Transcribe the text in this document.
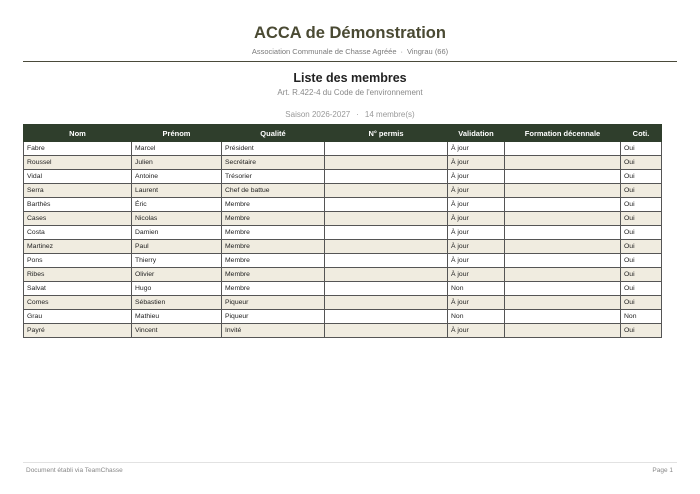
ACCA de Démonstration
Association Communale de Chasse Agréée · Vingrau (66)
Liste des membres
Art. R.422-4 du Code de l'environnement
Saison 2026-2027 · 14 membre(s)
Nom	Prénom	Qualité	N° permis	Validation	Formation décennale	Coti.
Fabre	Marcel	Président		À jour		Oui
Roussel	Julien	Secrétaire		À jour		Oui
Vidal	Antoine	Trésorier		À jour		Oui
Serra	Laurent	Chef de battue		À jour		Oui
Barthès	Éric	Membre		À jour		Oui
Cases	Nicolas	Membre		À jour		Oui
Costa	Damien	Membre		À jour		Oui
Martinez	Paul	Membre		À jour		Oui
Pons	Thierry	Membre		À jour		Oui
Ribes	Olivier	Membre		À jour		Oui
Salvat	Hugo	Membre		Non		Oui
Comes	Sébastien	Piqueur		À jour		Oui
Grau	Mathieu	Piqueur		Non		Non
Payré	Vincent	Invité		À jour		Oui
Document établi via TeamChasse	Page 1
